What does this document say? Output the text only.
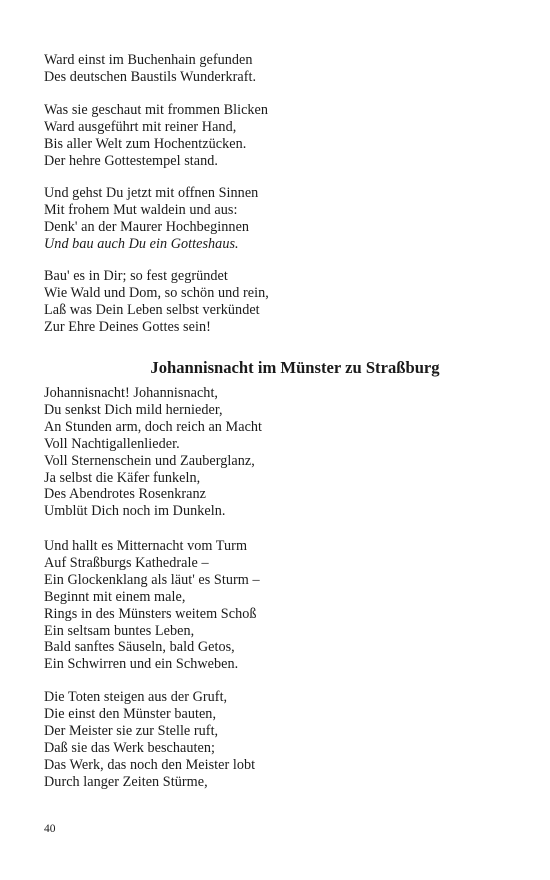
Ward einst im Buchenhain gefunden
Des deutschen Baustils Wunderkraft.
Was sie geschaut mit frommen Blicken
Ward ausgeführt mit reiner Hand,
Bis aller Welt zum Hochentzücken.
Der hehre Gottestempel stand.
Und gehst Du jetzt mit offnen Sinnen
Mit frohem Mut waldein und aus:
Denk' an der Maurer Hochbeginnen
Und bau auch Du ein Gotteshaus.
Bau' es in Dir; so fest gegründet
Wie Wald und Dom, so schön und rein,
Laß was Dein Leben selbst verkündet
Zur Ehre Deines Gottes sein!
Johannisnacht im Münster zu Straßburg
Johannisnacht! Johannisnacht,
Du senkst Dich mild hernieder,
An Stunden arm, doch reich an Macht
Voll Nachtigallenlieder.
Voll Sternenschein und Zauberglanz,
Ja selbst die Käfer funkeln,
Des Abendrotes Rosenkranz
Umblüt Dich noch im Dunkeln.
Und hallt es Mitternacht vom Turm
Auf Straßburgs Kathedrale –
Ein Glockenklang als läut' es Sturm –
Beginnt mit einem male,
Rings in des Münsters weitem Schoß
Ein seltsam buntes Leben,
Bald sanftes Säuseln, bald Getos,
Ein Schwirren und ein Schweben.
Die Toten steigen aus der Gruft,
Die einst den Münster bauten,
Der Meister sie zur Stelle ruft,
Daß sie das Werk beschauten;
Das Werk, das noch den Meister lobt
Durch langer Zeiten Stürme,

40
